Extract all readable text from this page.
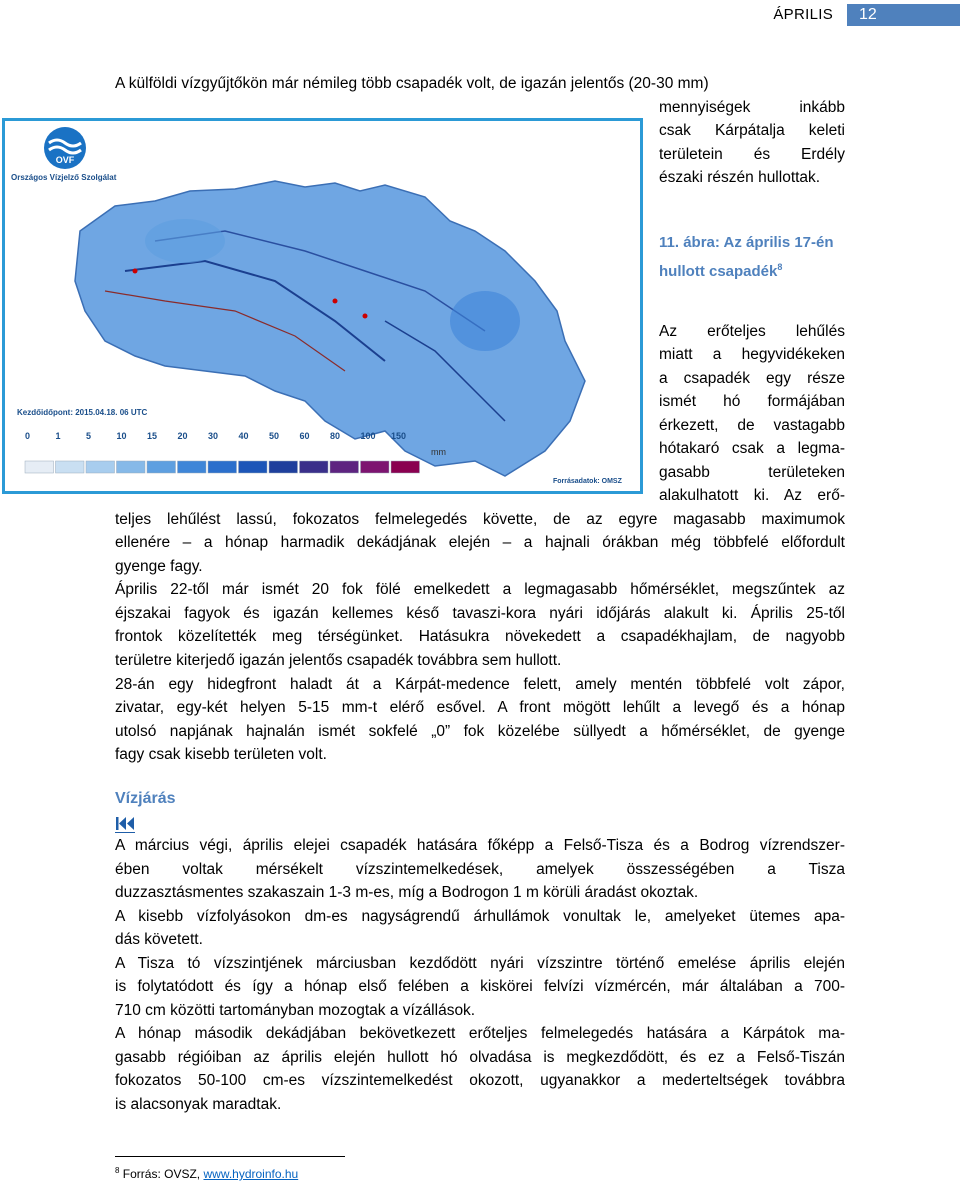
ÁPRILIS	12
A külföldi vízgyűjtőkön már némileg több csapadék volt, de igazán jelentős (20-30 mm)
mennyiségek inkább
csak Kárpátalja keleti
területein és Erdély
északi részén hullottak.
OVF
Országos Vízjelző Szolgálat
Kezdőidőpont: 2015.04.18. 06 UTC
0	1	5	10 15 20 30 40 50 60 80 100 150
mm
Forrásadatok: OMSZ
11. ábra: Az április 17-én hullott csapadék$^8$
Az erőteljes lehűlés
miatt a hegyvidékeken
a csapadék egy része
ismét hó formájában
érkezett, de vastagabb
hótakaró csak a legma-
gasabb területeken
alakulhatott ki. Az erő-
teljes lehűlést lassú, fokozatos felmelegedés követte, de az egyre magasabb maximumok
ellenére – a hónap harmadik dekádjának elején – a hajnali órákban még többfelé előfordult
gyenge fagy.
Április 22-től már ismét 20 fok fölé emelkedett a legmagasabb hőmérséklet, megszűntek az
éjszakai fagyok és igazán kellemes késő tavaszi-kora nyári időjárás alakult ki. Április 25-től
frontok közelítették meg térségünket. Hatásukra növekedett a csapadékhajlam, de nagyobb
területre kiterjedő igazán jelentős csapadék továbbra sem hullott.
28-án egy hidegfront haladt át a Kárpát-medence felett, amely mentén többfelé volt zápor,
zivatar, egy-két helyen 5-15 mm-t elérő esővel. A front mögött lehűlt a levegő és a hónap
utolsó napjának hajnalán ismét sokfelé „0” fok közelébe süllyedt a hőmérséklet, de gyenge
fagy csak kisebb területen volt.
Vízjárás
A március végi, április elejei csapadék hatására főképp a Felső-Tisza és a Bodrog vízrendszer-
ében voltak mérsékelt vízszintemelkedések, amelyek összességében a Tisza
duzzasztásmentes szakaszain 1-3 m-es, míg a Bodrogon 1 m körüli áradást okoztak.
A kisebb vízfolyásokon dm-es nagyságrendű árhullámok vonultak le, amelyeket ütemes apa-
dás követett.
A Tisza tó vízszintjének márciusban kezdődött nyári vízszintre történő emelése április elején
is folytatódott és így a hónap első felében a kiskörei felvízi vízmércén, már általában a 700-
710 cm közötti tartományban mozogtak a vízállások.
A hónap második dekádjában bekövetkezett erőteljes felmelegedés hatására a Kárpátok ma-
gasabb régióiban az április elején hullott hó olvadása is megkezdődött, és ez a Felső-Tiszán
fokozatos 50-100 cm-es vízszintemelkedést okozott, ugyanakkor a mederteltségek továbbra
is alacsonyak maradtak.
$^8$ Forrás: OVSZ, www.hydroinfo.hu
